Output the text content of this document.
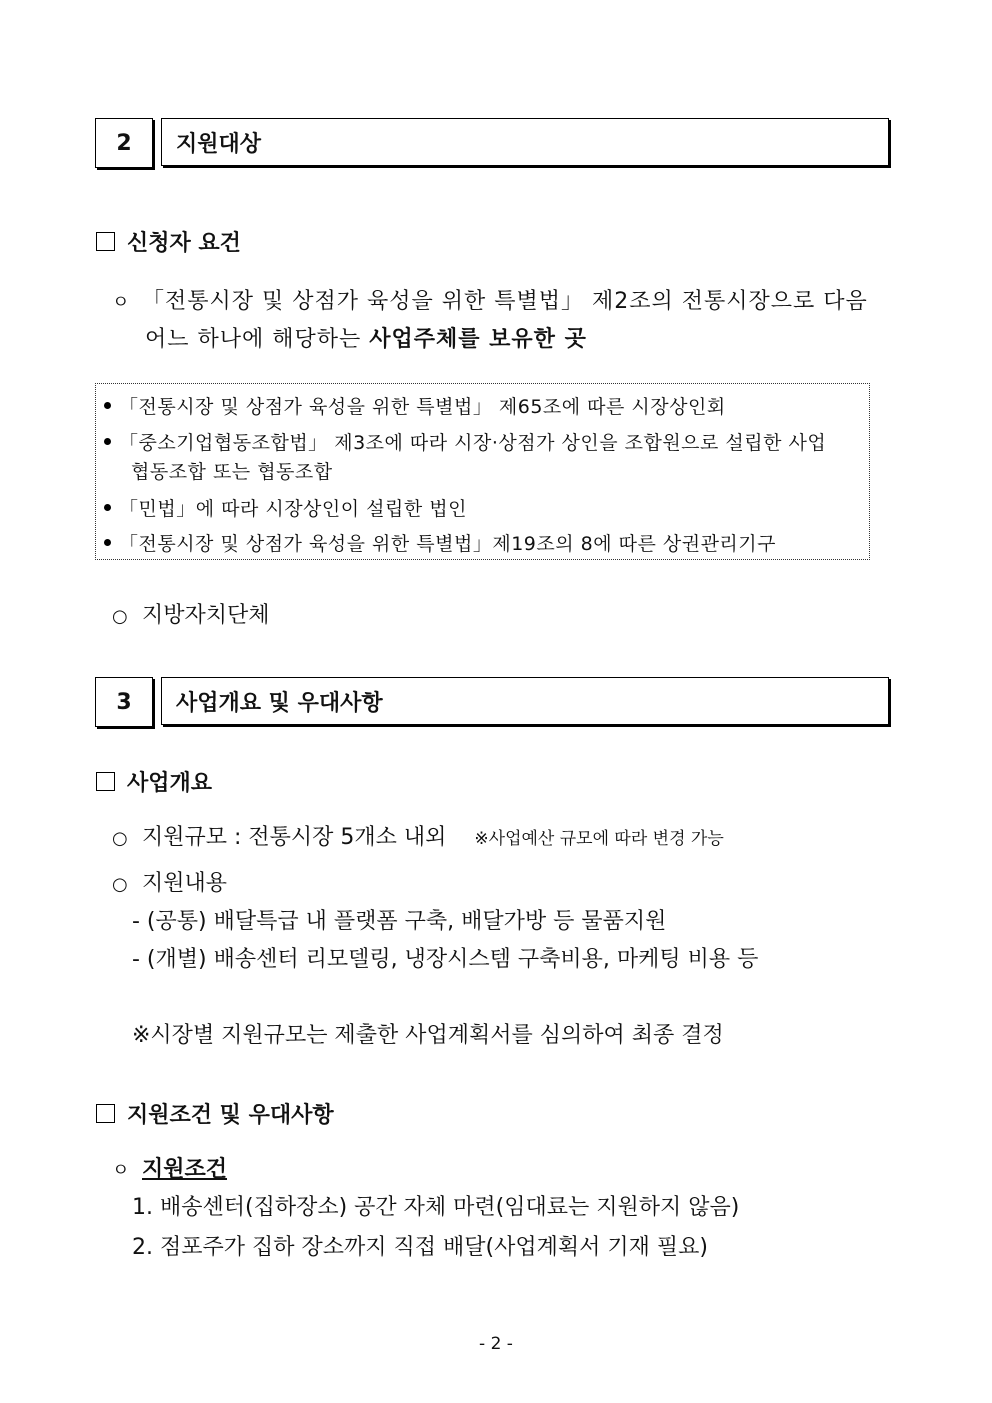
2	지원대상
신청자 요건
ㅇ 「전통시장 및 상점가 육성을 위한 특별법」 제2조의 전통시장으로 다음
어느 하나에 해당하는 사업주체를 보유한 곳
「전통시장 및 상점가 육성을 위한 특별법」 제65조에 따른 시장상인회
「중소기업협동조합법」 제3조에 따라 시장·상점가 상인을 조합원으로 설립한 사업
협동조합 또는 협동조합
「민법」에 따라 시장상인이 설립한 법인
「전통시장 및 상점가 육성을 위한 특별법」제19조의 8에 따른 상권관리기구
○ 지방자치단체
3	사업개요 및 우대사항
사업개요
○ 지원규모 : 전통시장 5개소 내외 ※사업예산 규모에 따라 변경 가능
○ 지원내용
- (공통) 배달특급 내 플랫폼 구축, 배달가방 등 물품지원
- (개별) 배송센터 리모델링, 냉장시스템 구축비용, 마케팅 비용 등
※시장별 지원규모는 제출한 사업계획서를 심의하여 최종 결정
지원조건 및 우대사항
ㅇ 지원조건
1. 배송센터(집하장소) 공간 자체 마련(임대료는 지원하지 않음)
2. 점포주가 집하 장소까지 직접 배달(사업계획서 기재 필요)
- 2 -
